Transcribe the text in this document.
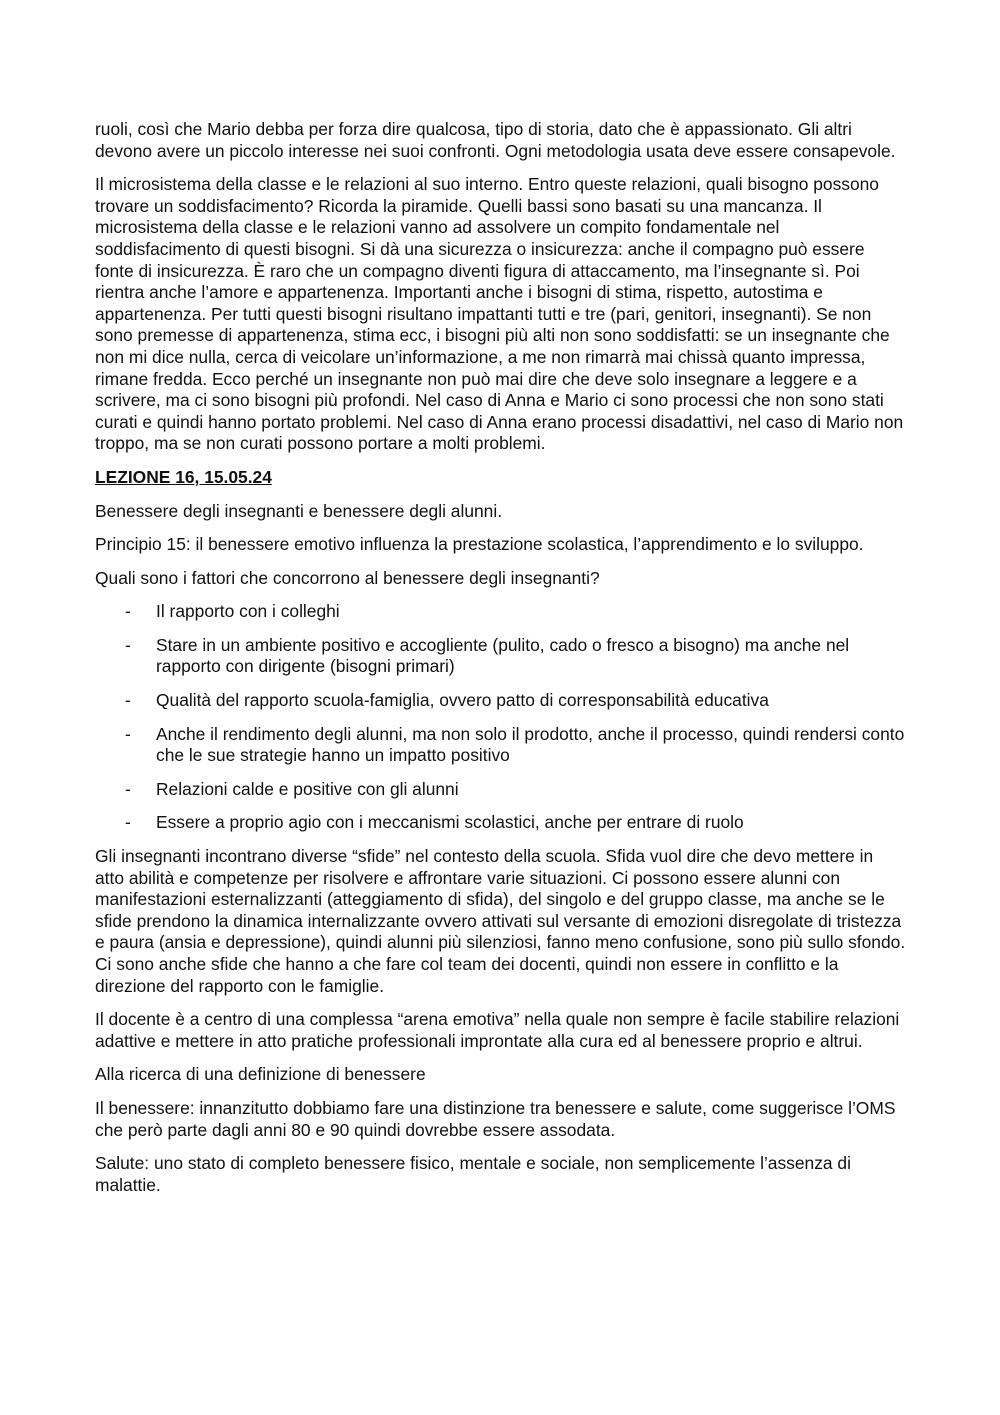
ruoli, così che Mario debba per forza dire qualcosa, tipo di storia, dato che è appassionato. Gli altri devono avere un piccolo interesse nei suoi confronti. Ogni metodologia usata deve essere consapevole.

Il microsistema della classe e le relazioni al suo interno. Entro queste relazioni, quali bisogno possono trovare un soddisfacimento? Ricorda la piramide. Quelli bassi sono basati su una mancanza. Il microsistema della classe e le relazioni vanno ad assolvere un compito fondamentale nel soddisfacimento di questi bisogni. Si dà una sicurezza o insicurezza: anche il compagno può essere fonte di insicurezza. È raro che un compagno diventi figura di attaccamento, ma l’insegnante sì. Poi rientra anche l’amore e appartenenza. Importanti anche i bisogni di stima, rispetto, autostima e appartenenza. Per tutti questi bisogni risultano impattanti tutti e tre (pari, genitori, insegnanti). Se non sono premesse di appartenenza, stima ecc, i bisogni più alti non sono soddisfatti: se un insegnante che non mi dice nulla, cerca di veicolare un’informazione, a me non rimarrà mai chissà quanto impressa, rimane fredda. Ecco perché un insegnante non può mai dire che deve solo insegnare a leggere e a scrivere, ma ci sono bisogni più profondi. Nel caso di Anna e Mario ci sono processi che non sono stati curati e quindi hanno portato problemi. Nel caso di Anna erano processi disadattivi, nel caso di Mario non troppo, ma se non curati possono portare a molti problemi.

LEZIONE 16, 15.05.24

Benessere degli insegnanti e benessere degli alunni.

Principio 15: il benessere emotivo influenza la prestazione scolastica, l’apprendimento e lo sviluppo.

Quali sono i fattori che concorrono al benessere degli insegnanti?

- Il rapporto con i colleghi
- Stare in un ambiente positivo e accogliente (pulito, cado o fresco a bisogno) ma anche nel rapporto con dirigente (bisogni primari)
- Qualità del rapporto scuola-famiglia, ovvero patto di corresponsabilità educativa
- Anche il rendimento degli alunni, ma non solo il prodotto, anche il processo, quindi rendersi conto che le sue strategie hanno un impatto positivo
- Relazioni calde e positive con gli alunni
- Essere a proprio agio con i meccanismi scolastici, anche per entrare di ruolo

Gli insegnanti incontrano diverse “sfide” nel contesto della scuola. Sfida vuol dire che devo mettere in atto abilità e competenze per risolvere e affrontare varie situazioni. Ci possono essere alunni con manifestazioni esternalizzanti (atteggiamento di sfida), del singolo e del gruppo classe, ma anche se le sfide prendono la dinamica internalizzante ovvero attivati sul versante di emozioni disregolate di tristezza e paura (ansia e depressione), quindi alunni più silenziosi, fanno meno confusione, sono più sullo sfondo. Ci sono anche sfide che hanno a che fare col team dei docenti, quindi non essere in conflitto e la direzione del rapporto con le famiglie.

Il docente è a centro di una complessa “arena emotiva” nella quale non sempre è facile stabilire relazioni adattive e mettere in atto pratiche professionali improntate alla cura ed al benessere proprio e altrui.

Alla ricerca di una definizione di benessere

Il benessere: innanzitutto dobbiamo fare una distinzione tra benessere e salute, come suggerisce l’OMS che però parte dagli anni 80 e 90 quindi dovrebbe essere assodata.

Salute: uno stato di completo benessere fisico, mentale e sociale, non semplicemente l’assenza di malattie.
